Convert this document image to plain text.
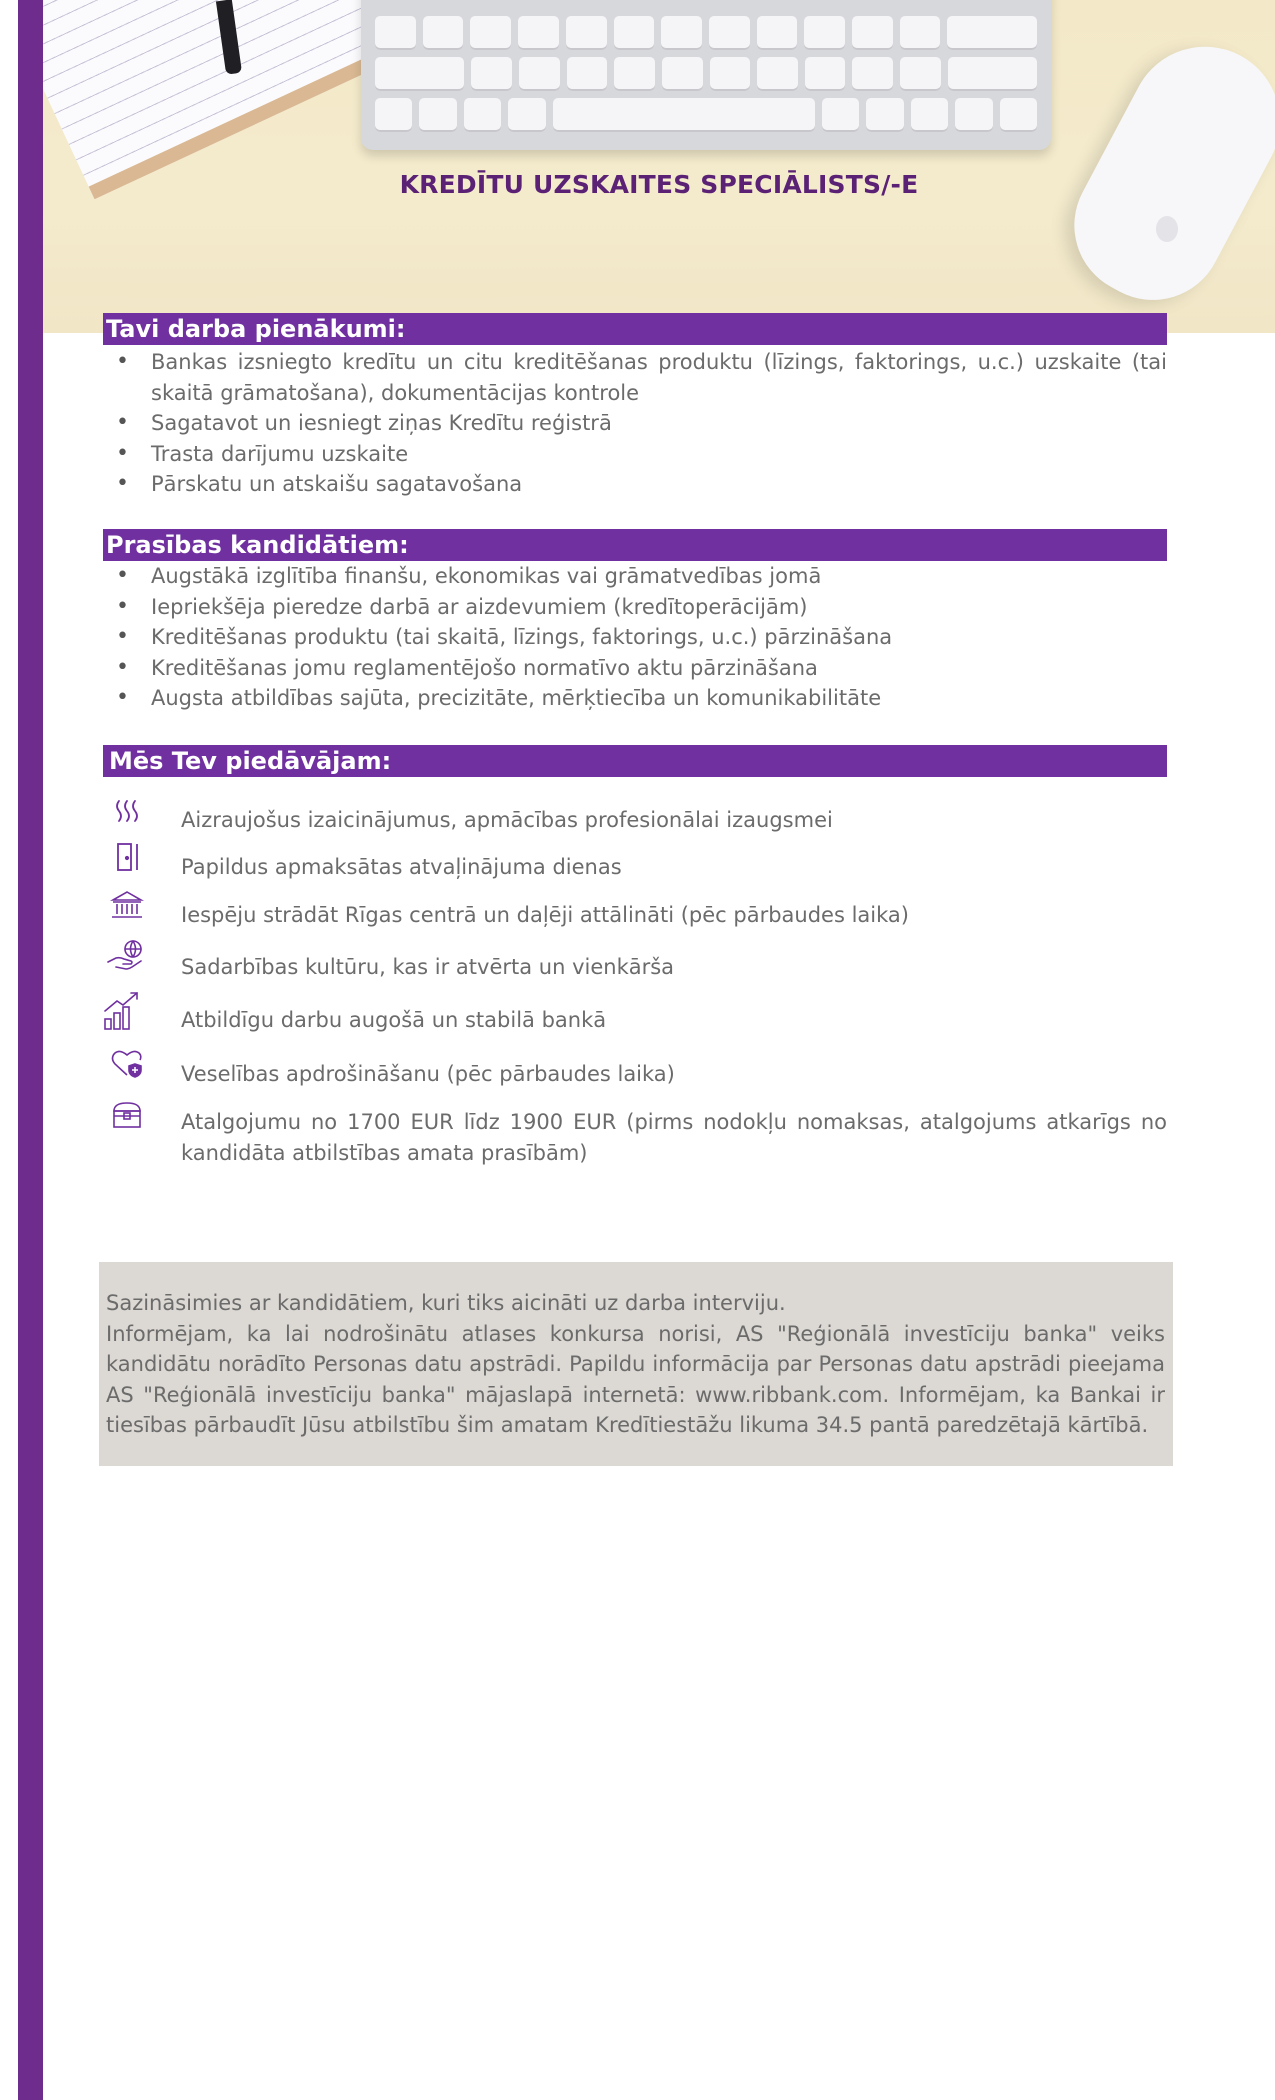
KREDĪTU UZSKAITES SPECIĀLISTS/-E
Tavi darba pienākumi:
• Bankas izsniegto kredītu un citu kreditēšanas produktu (līzings, faktorings, u.c.) uzskaite (tai skaitā grāmatošana), dokumentācijas kontrole
• Sagatavot un iesniegt ziņas Kredītu reģistrā
• Trasta darījumu uzskaite
• Pārskatu un atskaišu sagatavošana
Prasības kandidātiem:
• Augstākā izglītība finanšu, ekonomikas vai grāmatvedības jomā
• Iepriekšēja pieredze darbā ar aizdevumiem (kredītoperācijām)
• Kreditēšanas produktu (tai skaitā, līzings, faktorings, u.c.) pārzināšana
• Kreditēšanas jomu reglamentējošo normatīvo aktu pārzināšana
• Augsta atbildības sajūta, precizitāte, mērķtiecība un komunikabilitāte
Mēs Tev piedāvājam:
Aizraujošus izaicinājumus, apmācības profesionālai izaugsmei
Papildus apmaksātas atvaļinājuma dienas
Iespēju strādāt Rīgas centrā un daļēji attālināti (pēc pārbaudes laika)
Sadarbības kultūru, kas ir atvērta un vienkārša
Atbildīgu darbu augošā un stabilā bankā
Veselības apdrošināšanu (pēc pārbaudes laika)
Atalgojumu no 1700 EUR līdz 1900 EUR (pirms nodokļu nomaksas, atalgojums atkarīgs no kandidāta atbilstības amata prasībām)

Sazināsimies ar kandidātiem, kuri tiks aicināti uz darba interviju.
Informējam, ka lai nodrošinātu atlases konkursa norisi, AS "Reģionālā investīciju banka" veiks kandidātu norādīto Personas datu apstrādi. Papildu informācija par Personas datu apstrādi pieejama AS "Reģionālā investīciju banka" mājaslapā internetā: www.ribbank.com. Informējam, ka Bankai ir tiesības pārbaudīt Jūsu atbilstību šim amatam Kredītiestāžu likuma 34.5 pantā paredzētajā kārtībā.
